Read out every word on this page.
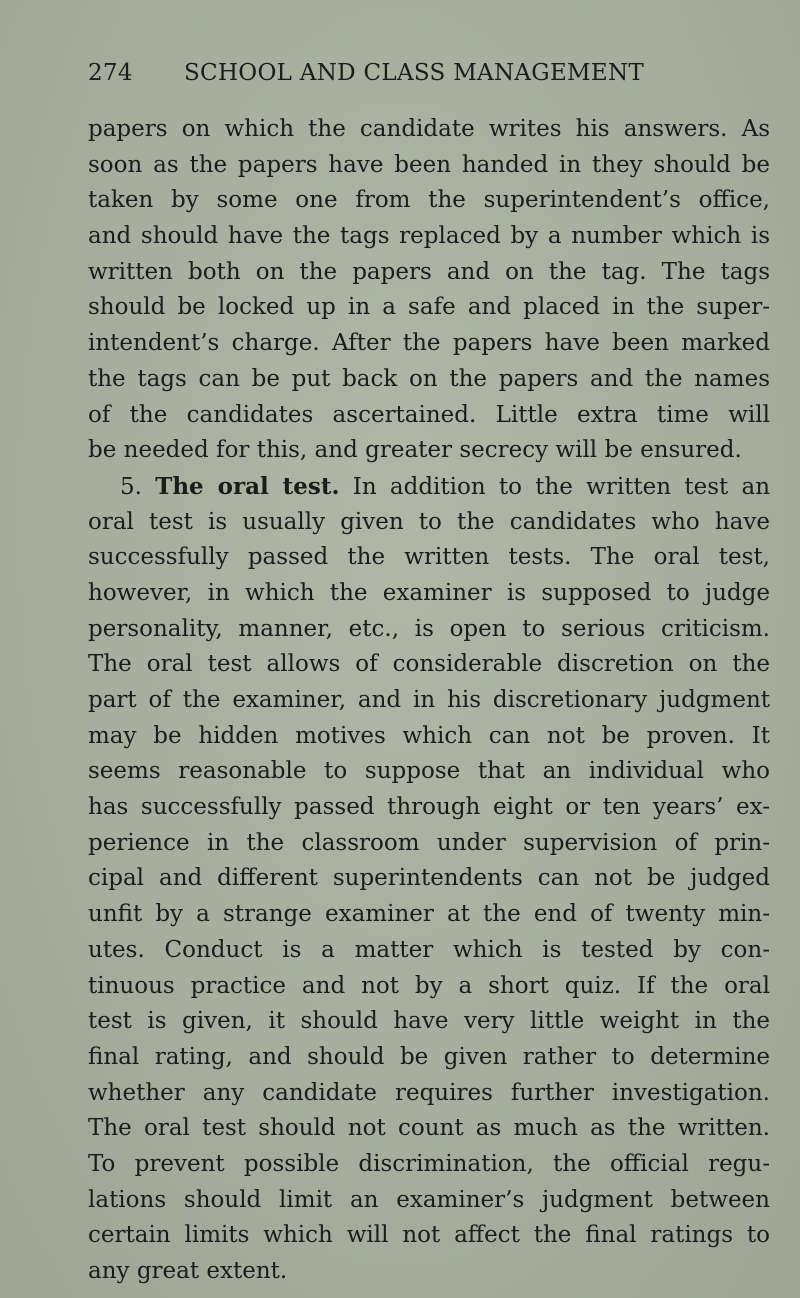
274	SCHOOL AND CLASS MANAGEMENT
papers on which the candidate writes his answers. As
soon as the papers have been handed in they should be
taken by some one from the superintendent’s office,
and should have the tags replaced by a number which is
written both on the papers and on the tag. The tags
should be locked up in a safe and placed in the super-
intendent’s charge. After the papers have been marked
the tags can be put back on the papers and the names
of the candidates ascertained. Little extra time will
be needed for this, and greater secrecy will be ensured.
5. The oral test. In addition to the written test an
oral test is usually given to the candidates who have
successfully passed the written tests. The oral test,
however, in which the examiner is supposed to judge
personality, manner, etc., is open to serious criticism.
The oral test allows of considerable discretion on the
part of the examiner, and in his discretionary judgment
may be hidden motives which can not be proven. It
seems reasonable to suppose that an individual who
has successfully passed through eight or ten years’ ex-
perience in the classroom under supervision of prin-
cipal and different superintendents can not be judged
unfit by a strange examiner at the end of twenty min-
utes. Conduct is a matter which is tested by con-
tinuous practice and not by a short quiz. If the oral
test is given, it should have very little weight in the
final rating, and should be given rather to determine
whether any candidate requires further investigation.
The oral test should not count as much as the written.
To prevent possible discrimination, the official regu-
lations should limit an examiner’s judgment between
certain limits which will not affect the final ratings to
any great extent.
